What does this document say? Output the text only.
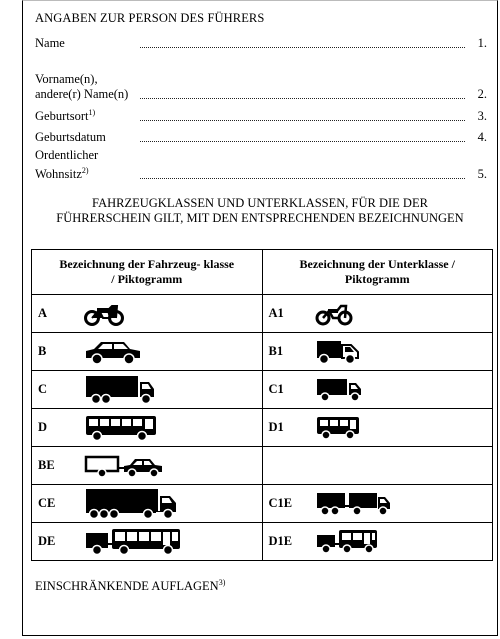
ANGABEN ZUR PERSON DES FÜHRERS
Name	1.
Vorname(n), andere(r) Name(n)	2.
Geburtsort$^{1)}$	3.
Geburtsdatum	4.
Ordentlicher Wohnsitz$^{2)}$	5.
FAHRZEUGKLASSEN UND UNTERKLASSEN, FÜR DIE DER FÜHRERSCHEIN GILT, MIT DEN ENTSPRECHENDEN BEZEICHNUNGEN
Bezeichnung der Fahrzeug- klasse / Piktogramm	Bezeichnung der Unterklasse / Piktogramm

A	A1

B	B1

C	C1

D	D1

BE	

CE	C1E

DE	D1E
EINSCHRÄNKENDE AUFLAGEN$^{3)}$
